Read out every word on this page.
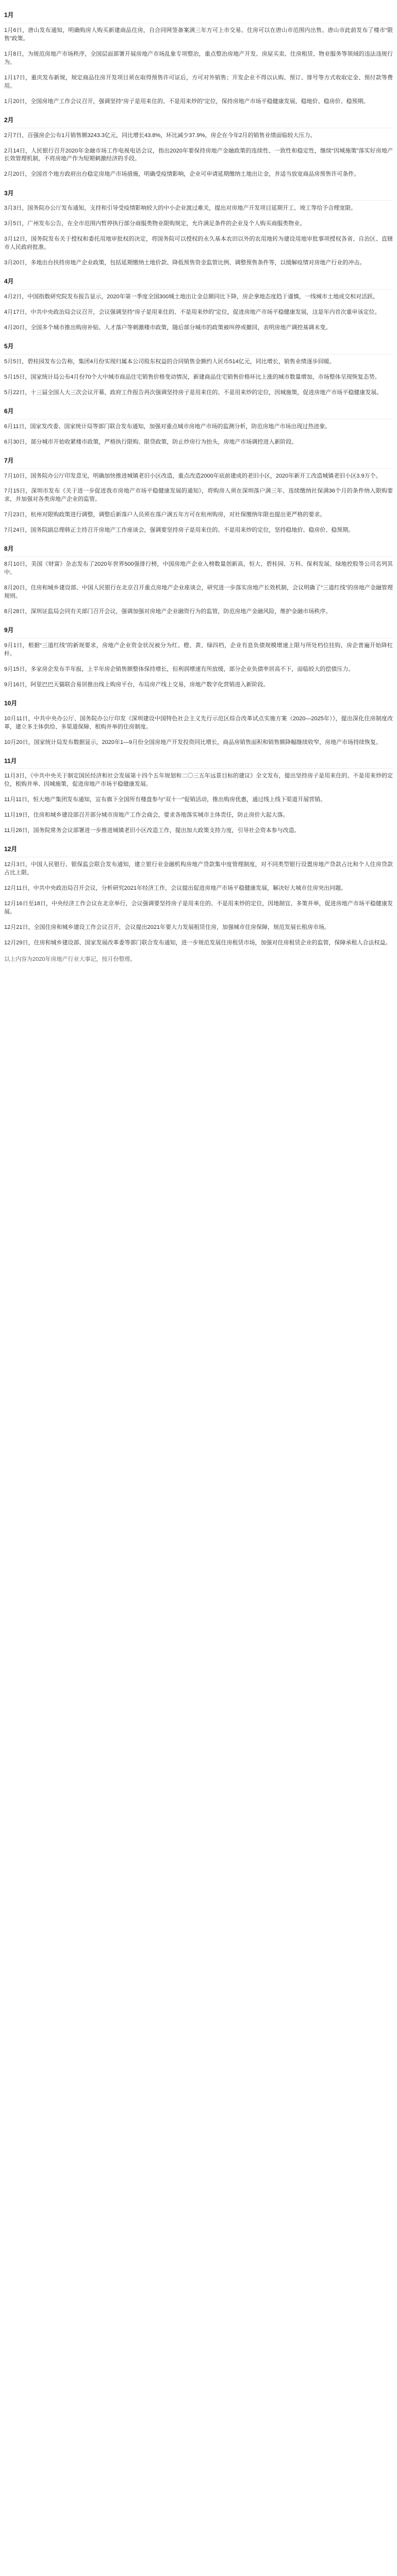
1月

1月6日，唐山发布通知，明确购房人购买新建商品住房，自合同网签备案满三年方可上市交易。住房可以在唐山市范围内出售。唐山市此前发布了楼市“限售”政策。

1月8日，为规范房地产市场秩序，全国层面部署开展房地产市场乱象专项整治，重点整治房地产开发、房屋买卖、住房租赁、物业服务等领域的违法违规行为。

1月17日，重庆发布新规，规定商品住房开发项目须在取得预售许可证后，方可对外销售；开发企业不得以认购、预订、排号等方式收取定金、预付款等费用。

1月20日，全国房地产工作会议召开，强调坚持“房子是用来住的、不是用来炒的”定位，保持房地产市场平稳健康发展，稳地价、稳房价、稳预期。

2月

2月7日，百强房企公布1月销售额3243.3亿元，同比增长43.8%，环比减少37.9%，房企在今年2月的销售业绩面临较大压力。

2月14日，人民银行召开2020年金融市场工作电视电话会议，指出2020年要保持房地产金融政策的连续性、一致性和稳定性，继续“因城施策”落实好房地产长效管理机制，不将房地产作为短期刺激经济的手段。

2月20日，全国首个地方政府出台稳定房地产市场措施，明确受疫情影响，企业可申请延期缴纳土地出让金，并适当放宽商品房预售许可条件。

3月

3月3日，国务院办公厅发布通知，支持和引导受疫情影响较大的中小企业渡过难关，提出对房地产开发项目延期开工、竣工等给予合理宽限。

3月5日，广州发布公告，在全市范围内暂停执行部分商服类物业限购规定，允许满足条件的企业及个人购买商服类物业。

3月12日，国务院发布关于授权和委托用地审批权的决定，将国务院可以授权的永久基本农田以外的农用地转为建设用地审批事项授权各省、自治区、直辖市人民政府批准。

3月20日，多地出台扶持房地产企业政策，包括延期缴纳土地价款、降低预售资金监管比例、调整预售条件等，以缓解疫情对房地产行业的冲击。

4月

4月2日，中国指数研究院发布报告显示，2020年第一季度全国300城土地出让金总额同比下降，房企拿地态度趋于谨慎，一线城市土地成交相对活跃。

4月17日，中共中央政治局会议召开，会议强调坚持“房子是用来住的、不是用来炒的”定位，促进房地产市场平稳健康发展，这是年内首次重申该定位。

4月20日，全国多个城市推出购房补贴、人才落户等刺激楼市政策，随后部分城市的政策被叫停或撤回，表明房地产调控基调未变。

5月

5月5日，碧桂园发布公告称，集团4月份实现归属本公司股东权益的合同销售金额约人民币514亿元，同比增长，销售业绩逐步回暖。

5月15日，国家统计局公布4月份70个大中城市商品住宅销售价格变动情况，新建商品住宅销售价格环比上涨的城市数量增加，市场整体呈现恢复态势。

5月22日，十三届全国人大三次会议开幕，政府工作报告再次强调坚持房子是用来住的、不是用来炒的定位，因城施策，促进房地产市场平稳健康发展。

6月

6月11日，国家发改委、国家统计局等部门联合发布通知，加强对重点城市房地产市场的监测分析，防范房地产市场出现过热迹象。

6月30日，部分城市开始收紧楼市政策，严格执行限购、限贷政策，防止炒房行为抬头，房地产市场调控进入新阶段。

7月

7月10日，国务院办公厅印发意见，明确加快推进城镇老旧小区改造，重点改造2000年底前建成的老旧小区，2020年新开工改造城镇老旧小区3.9万个。

7月15日，深圳市发布《关于进一步促进我市房地产市场平稳健康发展的通知》，将购房人须在深圳落户满三年、连续缴纳社保满36个月的条件纳入限购要求，并加强对各类房地产企业的监管。

7月23日，杭州对限购政策进行调整，调整后新落户人员须在落户满五年方可在杭州购房，对社保缴纳年限也提出更严格的要求。

7月24日，国务院副总理韩正主持召开房地产工作座谈会，强调要坚持房子是用来住的、不是用来炒的定位，坚持稳地价、稳房价、稳预期。

8月

8月10日，美国《财富》杂志发布了2020年世界500强排行榜，中国房地产企业入榜数量创新高，恒大、碧桂园、万科、保利发展、绿地控股等公司名列其中。

8月20日，住房和城乡建设部、中国人民银行在北京召开重点房地产企业座谈会，研究进一步落实房地产长效机制，会议明确了“三道红线”的房地产金融管理规则。

8月28日，深圳证监局会同有关部门召开会议，强调加强对房地产企业融资行为的监管，防范房地产金融风险，维护金融市场秩序。

9月

9月1日，根据“三道红线”的新规要求，房地产企业资金状况被分为红、橙、黄、绿四档，企业有息负债规模增速上限与所处档位挂钩，房企普遍开始降杠杆。

9月15日，多家房企发布半年报，上半年房企销售额整体保持增长，但利润增速有所放缓，部分企业负债率居高不下，面临较大的偿债压力。

9月16日，阿里巴巴天猫联合易居推出线上购房平台，布局房产线上交易，房地产数字化营销进入新阶段。

10月

10月11日，中共中央办公厅、国务院办公厅印发《深圳建设中国特色社会主义先行示范区综合改革试点实施方案（2020—2025年）》，提出深化住房制度改革，建立多主体供给、多渠道保障、租购并举的住房制度。

10月20日，国家统计局发布数据显示，2020年1—9月份全国房地产开发投资同比增长，商品房销售面积和销售额降幅继续收窄，房地产市场持续恢复。

11月

11月3日，《中共中央关于制定国民经济和社会发展第十四个五年规划和二〇三五年远景目标的建议》全文发布，提出坚持房子是用来住的、不是用来炒的定位，租购并举、因城施策，促进房地产市场平稳健康发展。

11月11日，恒大地产集团发布通知，宣布旗下全国所有楼盘参与“双十一”促销活动，推出购房优惠，通过线上线下渠道开展营销。

11月19日，住房和城乡建设部召开部分城市房地产工作会商会，要求各地落实城市主体责任，防止房价大起大落。

11月26日，国务院常务会议部署进一步推进城镇老旧小区改造工作，提出加大政策支持力度，引导社会资本参与改造。

12月

12月3日，中国人民银行、银保监会联合发布通知，建立银行业金融机构房地产贷款集中度管理制度，对不同类型银行设置房地产贷款占比和个人住房贷款占比上限。

12月11日，中共中央政治局召开会议，分析研究2021年经济工作，会议提出促进房地产市场平稳健康发展，解决好大城市住房突出问题。

12月16日至18日，中央经济工作会议在北京举行，会议强调要坚持房子是用来住的、不是用来炒的定位，因地制宜、多策并举，促进房地产市场平稳健康发展。

12月21日，全国住房和城乡建设工作会议召开，会议提出2021年要大力发展租赁住房，加强城市住房保障，规范发展长租房市场。

12月29日，住房和城乡建设部、国家发展改革委等部门联合发布通知，进一步规范发展住房租赁市场，加强对住房租赁企业的监管，保障承租人合法权益。

以上内容为2020年房地产行业大事记，按月份整理。
